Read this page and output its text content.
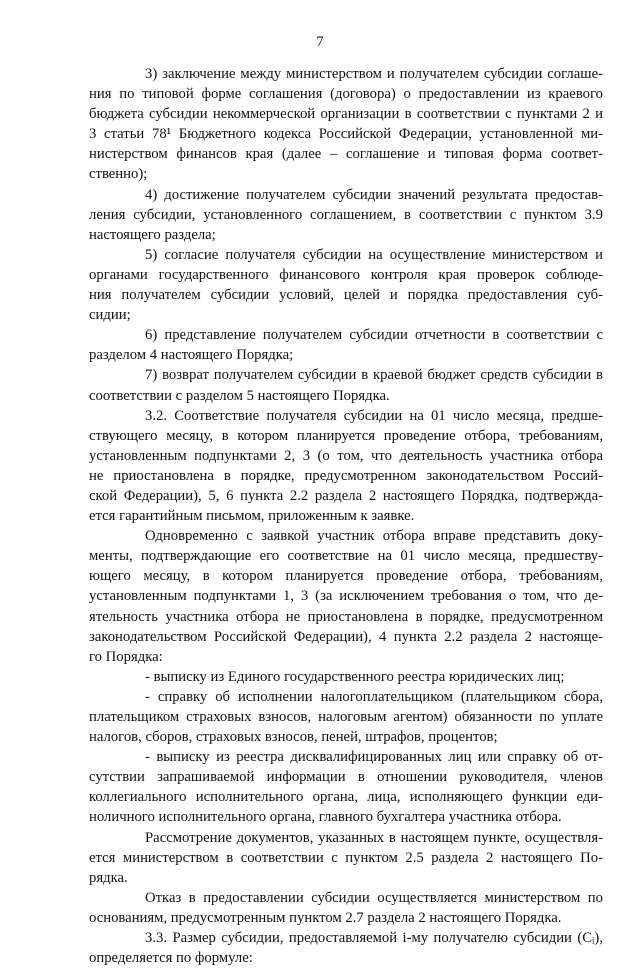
7
3) заключение между министерством и получателем субсидии соглаше-
ния по типовой форме соглашения (договора) о предоставлении из краевого
бюджета субсидии некоммерческой организации в соответствии с пунктами 2 и
3 статьи 78¹ Бюджетного кодекса Российской Федерации, установленной ми-
нистерством финансов края (далее – соглашение и типовая форма соответ-
ственно);
4) достижение получателем субсидии значений результата предостав-
ления субсидии, установленного соглашением, в соответствии с пунктом 3.9
настоящего раздела;
5) согласие получателя субсидии на осуществление министерством и
органами государственного финансового контроля края проверок соблюде-
ния получателем субсидии условий, целей и порядка предоставления суб-
сидии;
6) представление получателем субсидии отчетности в соответствии с
разделом 4 настоящего Порядка;
7) возврат получателем субсидии в краевой бюджет средств субсидии в
соответствии с разделом 5 настоящего Порядка.
3.2. Соответствие получателя субсидии на 01 число месяца, предше-
ствующего месяцу, в котором планируется проведение отбора, требованиям,
установленным подпунктами 2, 3 (о том, что деятельность участника отбора
не приостановлена в порядке, предусмотренном законодательством Россий-
ской Федерации), 5, 6 пункта 2.2 раздела 2 настоящего Порядка, подтвержда-
ется гарантийным письмом, приложенным к заявке.
Одновременно с заявкой участник отбора вправе представить доку-
менты, подтверждающие его соответствие на 01 число месяца, предшеству-
ющего месяцу, в котором планируется проведение отбора, требованиям,
установленным подпунктами 1, 3 (за исключением требования о том, что де-
ятельность участника отбора не приостановлена в порядке, предусмотренном
законодательством Российской Федерации), 4 пункта 2.2 раздела 2 настояще-
го Порядка:
- выписку из Единого государственного реестра юридических лиц;
- справку об исполнении налогоплательщиком (плательщиком сбора,
плательщиком страховых взносов, налоговым агентом) обязанности по уплате
налогов, сборов, страховых взносов, пеней, штрафов, процентов;
- выписку из реестра дисквалифицированных лиц или справку об от-
сутствии запрашиваемой информации в отношении руководителя, членов
коллегиального исполнительного органа, лица, исполняющего функции еди-
ноличного исполнительного органа, главного бухгалтера участника отбора.
Рассмотрение документов, указанных в настоящем пункте, осуществля-
ется министерством в соответствии с пунктом 2.5 раздела 2 настоящего По-
рядка.
Отказ в предоставлении субсидии осуществляется министерством по
основаниям, предусмотренным пунктом 2.7 раздела 2 настоящего Порядка.
3.3. Размер субсидии, предоставляемой i-му получателю субсидии (Cᵢ),
определяется по формуле:
